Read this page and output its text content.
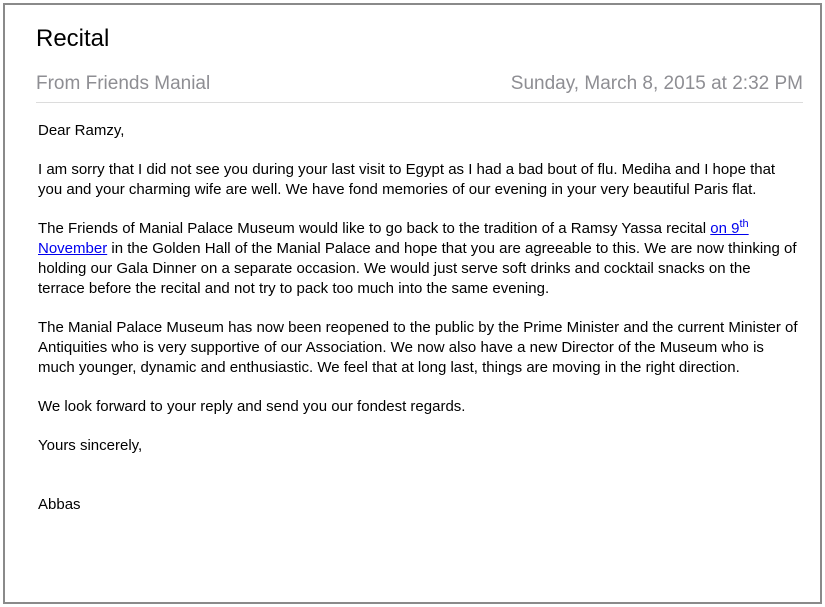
Recital
From Friends Manial	Sunday, March 8, 2015 at 2:32 PM

Dear Ramzy,

I am sorry that I did not see you during your last visit to Egypt as I had a bad bout of flu. Mediha and I hope that you and your charming wife are well. We have fond memories of our evening in your very beautiful Paris flat.

The Friends of Manial Palace Museum would like to go back to the tradition of a Ramsy Yassa recital on 9th November in the Golden Hall of the Manial Palace and hope that you are agreeable to this. We are now thinking of holding our Gala Dinner on a separate occasion. We would just serve soft drinks and cocktail snacks on the terrace before the recital and not try to pack too much into the same evening.

The Manial Palace Museum has now been reopened to the public by the Prime Minister and the current Minister of Antiquities who is very supportive of our Association. We now also have a new Director of the Museum who is much younger, dynamic and enthusiastic. We feel that at long last, things are moving in the right direction.

We look forward to your reply and send you our fondest regards.

Yours sincerely,

Abbas
